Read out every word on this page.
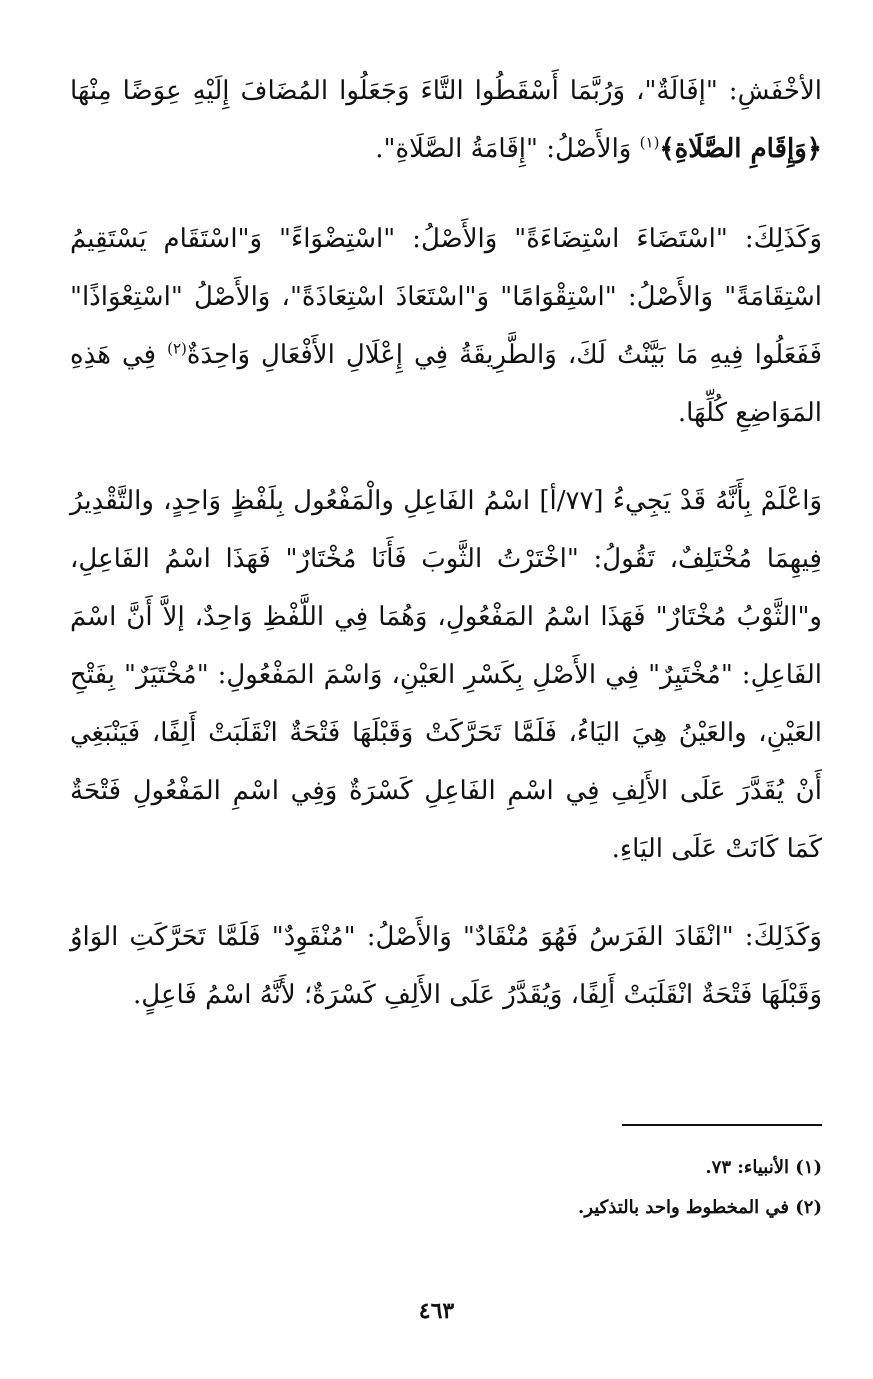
الأخْفَشِ: "إفَالَةٌ"، وَرُبَّمَا أَسْقَطُوا التَّاءَ وَجَعَلُوا المُضَافَ إِلَيْهِ عِوَضًا مِنْهَا ﴿وَإِقَامِ الصَّلَاةِ﴾$^{(١)}$ وَالأَصْلُ: "إِقَامَةُ الصَّلَاةِ".

وَكَذَلِكَ: "اسْتَضَاءَ اسْتِضَاءَةً" وَالأَصْلُ: "اسْتِضْوَاءً" وَ"اسْتَقَام يَسْتَقِيمُ اسْتِقَامَةً" وَالأَصْلُ: "اسْتِقْوَامًا" وَ"اسْتَعَاذَ اسْتِعَاذَةً"، وَالأَصْلُ "اسْتِعْوَاذًا" فَفَعَلُوا فِيهِ مَا بَيَّنْتُ لَكَ، وَالطَّرِيقَةُ فِي إِعْلَالِ الأَفْعَالِ وَاحِدَةٌ$^{(٢)}$ فِي هَذِهِ المَوَاضِعِ كُلِّهَا.

وَاعْلَمْ بِأَنَّهُ قَدْ يَجِيءُ [٧٧/أ] اسْمُ الفَاعِلِ والْمَفْعُول بِلَفْظٍ وَاحِدٍ، والتَّقْدِيرُ فِيهِمَا مُخْتَلِفٌ، تَقُولُ: "اخْتَرْتُ الثَّوبَ فَأَنَا مُخْتَارٌ" فَهَذَا اسْمُ الفَاعِلِ، و"الثَّوْبُ مُخْتَارٌ" فَهَذَا اسْمُ المَفْعُولِ، وَهُمَا فِي اللَّفْظِ وَاحِدٌ، إلاَّ أَنَّ اسْمَ الفَاعِلِ: "مُخْتَيِرٌ" فِي الأَصْلِ بِكَسْرِ العَيْنِ، وَاسْمَ المَفْعُولِ: "مُخْتَيَرٌ" بِفَتْحِ العَيْنِ، والعَيْنُ هِيَ اليَاءُ، فَلَمَّا تَحَرَّكَتْ وَقَبْلَهَا فَتْحَةٌ انْقَلَبَتْ أَلِفًا، فَيَنْبَغِي أَنْ يُقَدَّرَ عَلَى الأَلِفِ فِي اسْمِ الفَاعِلِ كَسْرَةٌ وَفِي اسْمِ المَفْعُولِ فَتْحَةٌ كَمَا كَانَتْ عَلَى اليَاءِ.

وَكَذَلِكَ: "انْقَادَ الفَرَسُ فَهُوَ مُنْقَادٌ" وَالأَصْلُ: "مُنْقَوِدٌ" فَلَمَّا تَحَرَّكَتِ الوَاوُ وَقَبْلَهَا فَتْحَةٌ انْقَلَبَتْ أَلِفًا، وَيُقَدَّرُ عَلَى الأَلِفِ كَسْرَةٌ؛ لأَنَّهُ اسْمُ فَاعِلٍ.

(١) الأنبياء: ٧٣.

(٢) في المخطوط واحد بالتذكير.

٤٦٣
